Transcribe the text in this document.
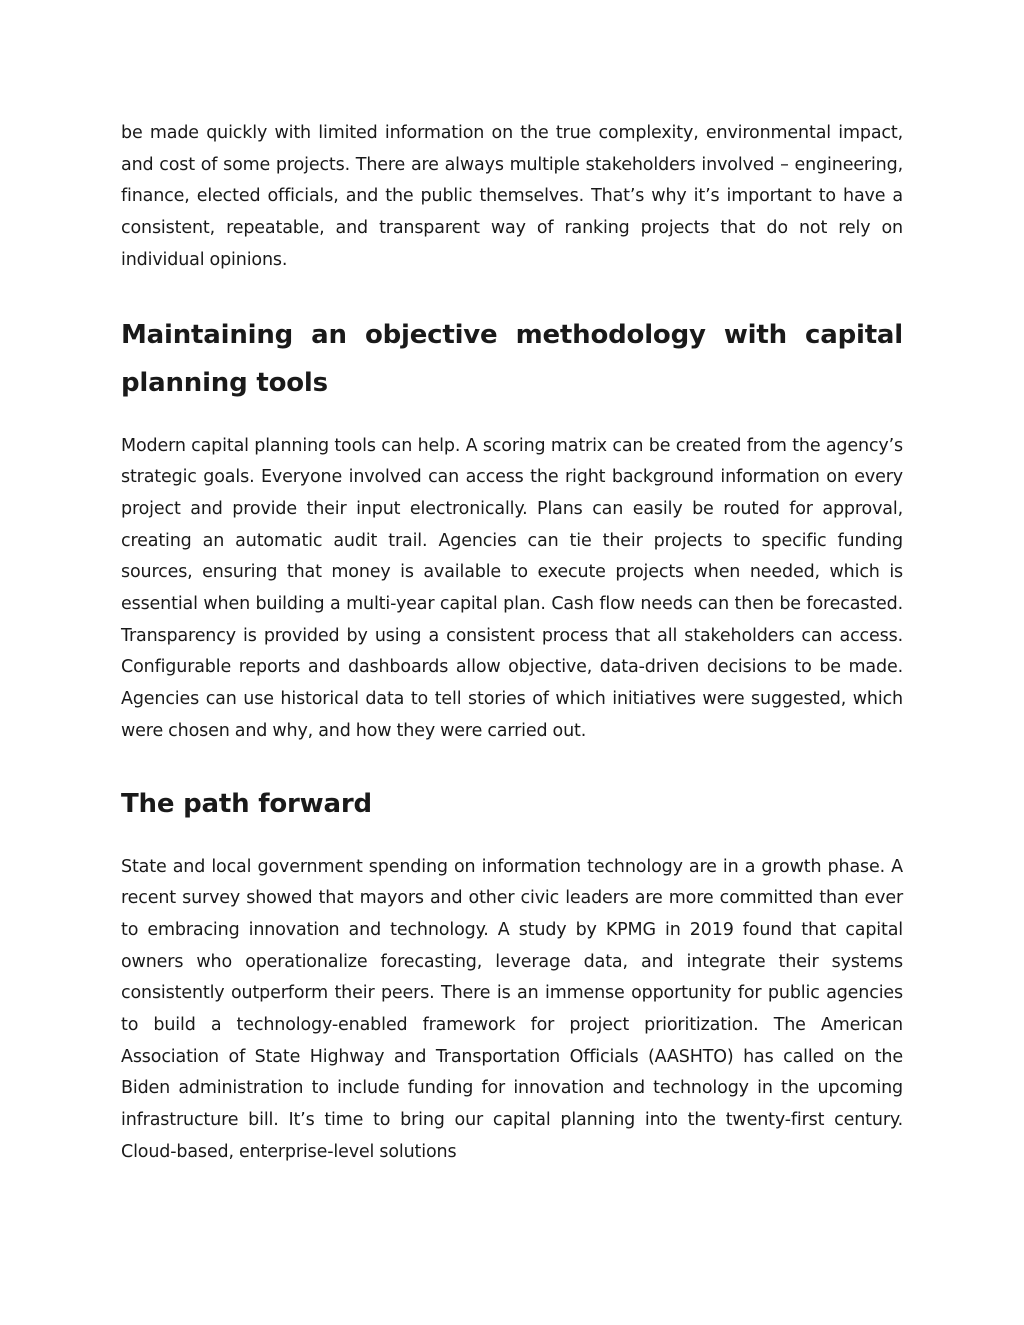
be made quickly with limited information on the true complexity, environmental impact, and cost of some projects. There are always multiple stakeholders involved – engineering, finance, elected officials, and the public themselves. That’s why it’s important to have a consistent, repeatable, and transparent way of ranking projects that do not rely on individual opinions.

Maintaining an objective methodology with capital planning tools

Modern capital planning tools can help. A scoring matrix can be created from the agency’s strategic goals. Everyone involved can access the right background information on every project and provide their input electronically. Plans can easily be routed for approval, creating an automatic audit trail. Agencies can tie their projects to specific funding sources, ensuring that money is available to execute projects when needed, which is essential when building a multi-year capital plan. Cash flow needs can then be forecasted. Transparency is provided by using a consistent process that all stakeholders can access. Configurable reports and dashboards allow objective, data-driven decisions to be made. Agencies can use historical data to tell stories of which initiatives were suggested, which were chosen and why, and how they were carried out.

The path forward

State and local government spending on information technology are in a growth phase. A recent survey showed that mayors and other civic leaders are more committed than ever to embracing innovation and technology. A study by KPMG in 2019 found that capital owners who operationalize forecasting, leverage data, and integrate their systems consistently outperform their peers. There is an immense opportunity for public agencies to build a technology-enabled framework for project prioritization. The American Association of State Highway and Transportation Officials (AASHTO) has called on the Biden administration to include funding for innovation and technology in the upcoming infrastructure bill. It’s time to bring our capital planning into the twenty-first century. Cloud-based, enterprise-level solutions
